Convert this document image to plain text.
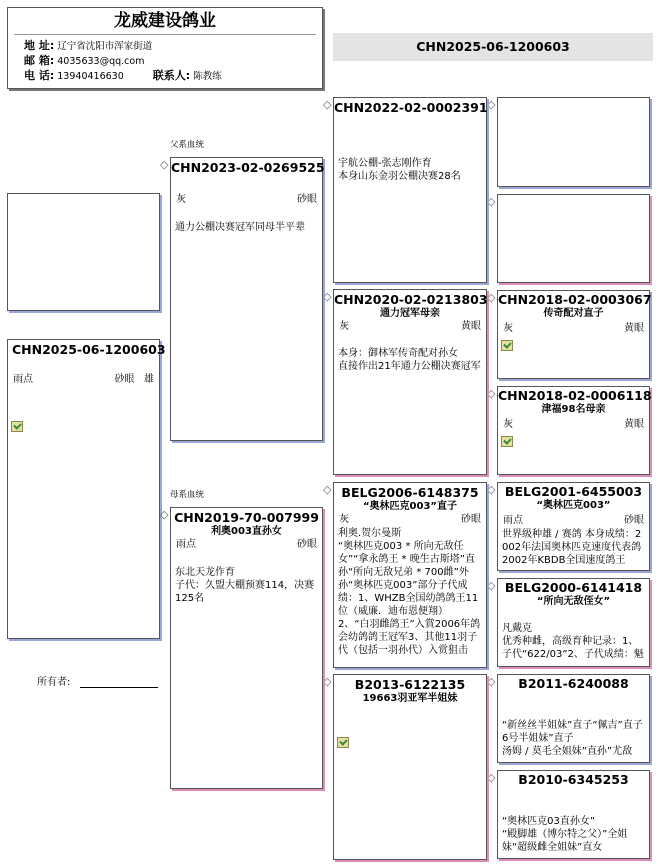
龙威建设鸽业
地 址: 辽宁省沈阳市浑家街道
邮 箱: 4035633@qq.com
电 话: 13940416630	联系人: 陈教练
CHN2025-06-1200603
父系血统
母系血统
CHN2025-06-1200603
雨点	砂眼 雄
所有者:
◇
◇
◇
◇
◇
◇
◇
◇
◇
◇
◇
◇
◇
◇
CHN2023-02-0269525
灰	砂眼
通力公棚决赛冠军同母半平辈
CHN2019-70-007999
利奥003直孙女
雨点	砂眼
东北天龙作育
子代：久盟大棚预赛114，决赛125名
CHN2022-02-0002391
宇航公棚-张志刚作育
本身山东金羽公棚决赛28名
CHN2020-02-0213803
通力冠军母亲
灰	黄眼
本身：御林军传奇配对孙女
直接作出21年通力公棚决赛冠军
BELG2006-6148375
“奥林匹克003”直子
灰	砂眼
利奥.贺尔曼斯
“奥林匹克003 * 所向无敌任女”“拿永鸽王 * 晚生古斯塔”直孙“所向无敌兄弟 * 700雌”外孙“奥林匹克003”部分子代成绩：1、WHZB全国幼鸽鸽王11位（威廉．迪布恩便翔）
2、“白羽雌鸽王”入賞2006年鸽会幼鸽鸽王冠军3、其他11羽子代（包括一羽孙代）入赏狙击
B2013-6122135
19663羽亚军半姐妹
CHN2018-02-0003067
传奇配对直子
灰	黄眼
CHN2018-02-0006118
津福98名母亲
灰	黄眼
BELG2001-6455003
“奥林匹克003”
雨点	砂眼
世界级种雄 / 赛鸽 本身成绩：2002年法国奥林匹克速度代表鸽2002年KBDB全国速度鸽王
BELG2000-6141418
“所向无敌侄女”
凡戴克
优秀种雌，高级育种记录：1、子代“622/03”2、子代成绩：魁
B2011-6240088
“新丝丝半姐妹”直子“佩吉”直子6号半姐妹”直子
汤姆 / 莫毛全姐妹”直孙”尤敌
B2010-6345253
“奥林匹克03直孙女”
“殿脚雄（博尔特之父）”全姐妹“超级雌全姐妹”直女
